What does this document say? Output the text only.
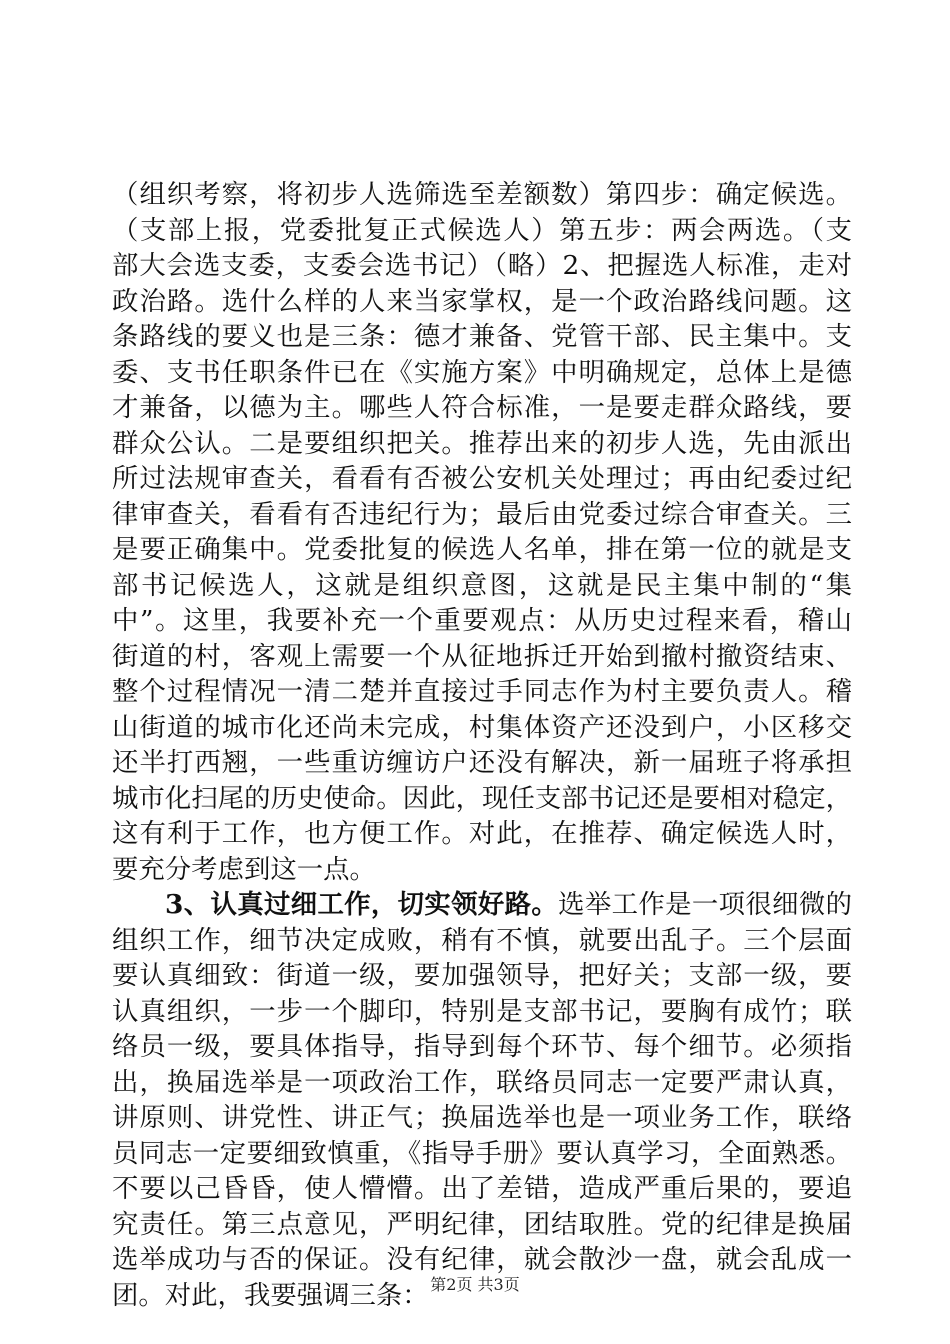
（组织考察，将初步人选筛选至差额数）第四步：确定候选。
（支部上报，党委批复正式候选人）第五步：两会两选。（支
部大会选支委，支委会选书记）（略）2、把握选人标准，走对
政治路。选什么样的人来当家掌权，是一个政治路线问题。这
条路线的要义也是三条：德才兼备、党管干部、民主集中。支
委、支书任职条件已在《实施方案》中明确规定，总体上是德
才兼备，以德为主。哪些人符合标准，一是要走群众路线，要
群众公认。二是要组织把关。推荐出来的初步人选，先由派出
所过法规审查关，看看有否被公安机关处理过；再由纪委过纪
律审查关，看看有否违纪行为；最后由党委过综合审查关。三
是要正确集中。党委批复的候选人名单，排在第一位的就是支
部书记候选人，这就是组织意图，这就是民主集中制的“集
中”。这里，我要补充一个重要观点：从历史过程来看，稽山
街道的村，客观上需要一个从征地拆迁开始到撤村撤资结束、
整个过程情况一清二楚并直接过手同志作为村主要负责人。稽
山街道的城市化还尚未完成，村集体资产还没到户，小区移交
还半打西翘，一些重访缠访户还没有解决，新一届班子将承担
城市化扫尾的历史使命。因此，现任支部书记还是要相对稳定，
这有利于工作，也方便工作。对此，在推荐、确定候选人时，
要充分考虑到这一点。
3、认真过细工作，切实领好路。选举工作是一项很细微的
组织工作，细节决定成败，稍有不慎，就要出乱子。三个层面
要认真细致：街道一级，要加强领导，把好关；支部一级，要
认真组织，一步一个脚印，特别是支部书记，要胸有成竹；联
络员一级，要具体指导，指导到每个环节、每个细节。必须指
出，换届选举是一项政治工作，联络员同志一定要严肃认真，
讲原则、讲党性、讲正气；换届选举也是一项业务工作，联络
员同志一定要细致慎重，《指导手册》要认真学习，全面熟悉。
不要以己昏昏，使人懵懵。出了差错，造成严重后果的，要追
究责任。第三点意见，严明纪律，团结取胜。党的纪律是换届
选举成功与否的保证。没有纪律，就会散沙一盘，就会乱成一
团。对此，我要强调三条： 第2页 共3页
